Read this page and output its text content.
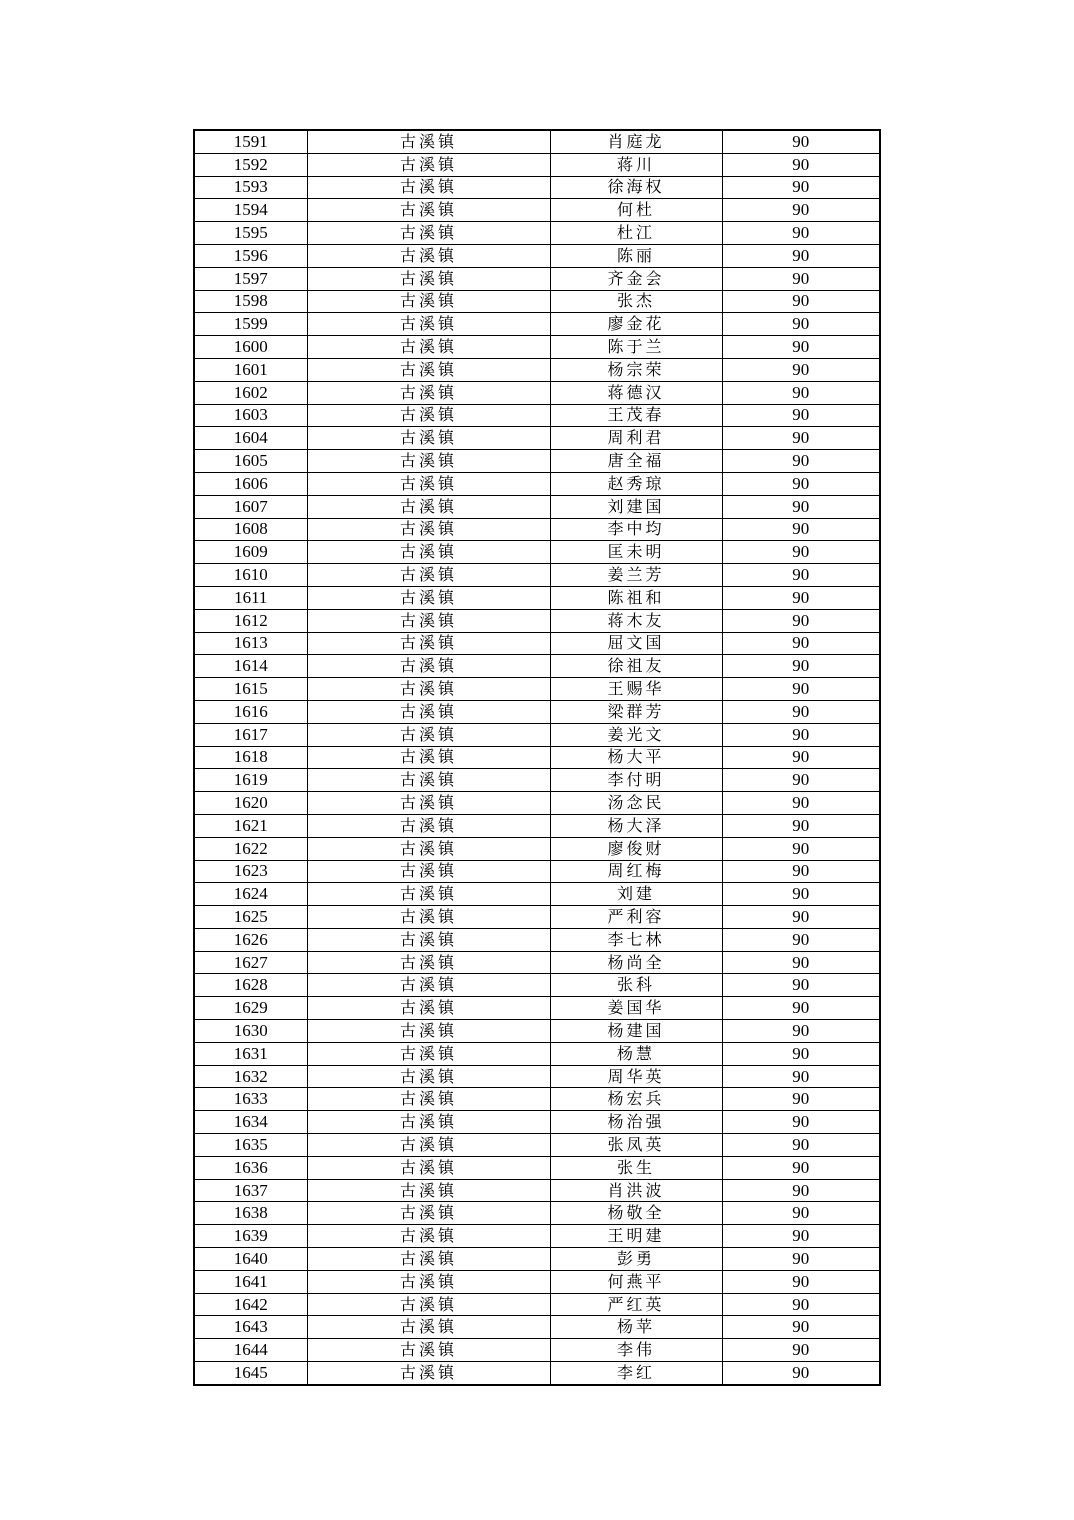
1591	古溪镇	肖庭龙	90
1592	古溪镇	蒋川	90
1593	古溪镇	徐海权	90
1594	古溪镇	何杜	90
1595	古溪镇	杜江	90
1596	古溪镇	陈丽	90
1597	古溪镇	齐金会	90
1598	古溪镇	张杰	90
1599	古溪镇	廖金花	90
1600	古溪镇	陈于兰	90
1601	古溪镇	杨宗荣	90
1602	古溪镇	蒋德汉	90
1603	古溪镇	王茂春	90
1604	古溪镇	周利君	90
1605	古溪镇	唐全福	90
1606	古溪镇	赵秀琼	90
1607	古溪镇	刘建国	90
1608	古溪镇	李中均	90
1609	古溪镇	匡未明	90
1610	古溪镇	姜兰芳	90
1611	古溪镇	陈祖和	90
1612	古溪镇	蒋木友	90
1613	古溪镇	屈文国	90
1614	古溪镇	徐祖友	90
1615	古溪镇	王赐华	90
1616	古溪镇	梁群芳	90
1617	古溪镇	姜光文	90
1618	古溪镇	杨大平	90
1619	古溪镇	李付明	90
1620	古溪镇	汤念民	90
1621	古溪镇	杨大泽	90
1622	古溪镇	廖俊财	90
1623	古溪镇	周红梅	90
1624	古溪镇	刘建	90
1625	古溪镇	严利容	90
1626	古溪镇	李七林	90
1627	古溪镇	杨尚全	90
1628	古溪镇	张科	90
1629	古溪镇	姜国华	90
1630	古溪镇	杨建国	90
1631	古溪镇	杨慧	90
1632	古溪镇	周华英	90
1633	古溪镇	杨宏兵	90
1634	古溪镇	杨治强	90
1635	古溪镇	张凤英	90
1636	古溪镇	张生	90
1637	古溪镇	肖洪波	90
1638	古溪镇	杨敬全	90
1639	古溪镇	王明建	90
1640	古溪镇	彭勇	90
1641	古溪镇	何燕平	90
1642	古溪镇	严红英	90
1643	古溪镇	杨苹	90
1644	古溪镇	李伟	90
1645	古溪镇	李红	90
